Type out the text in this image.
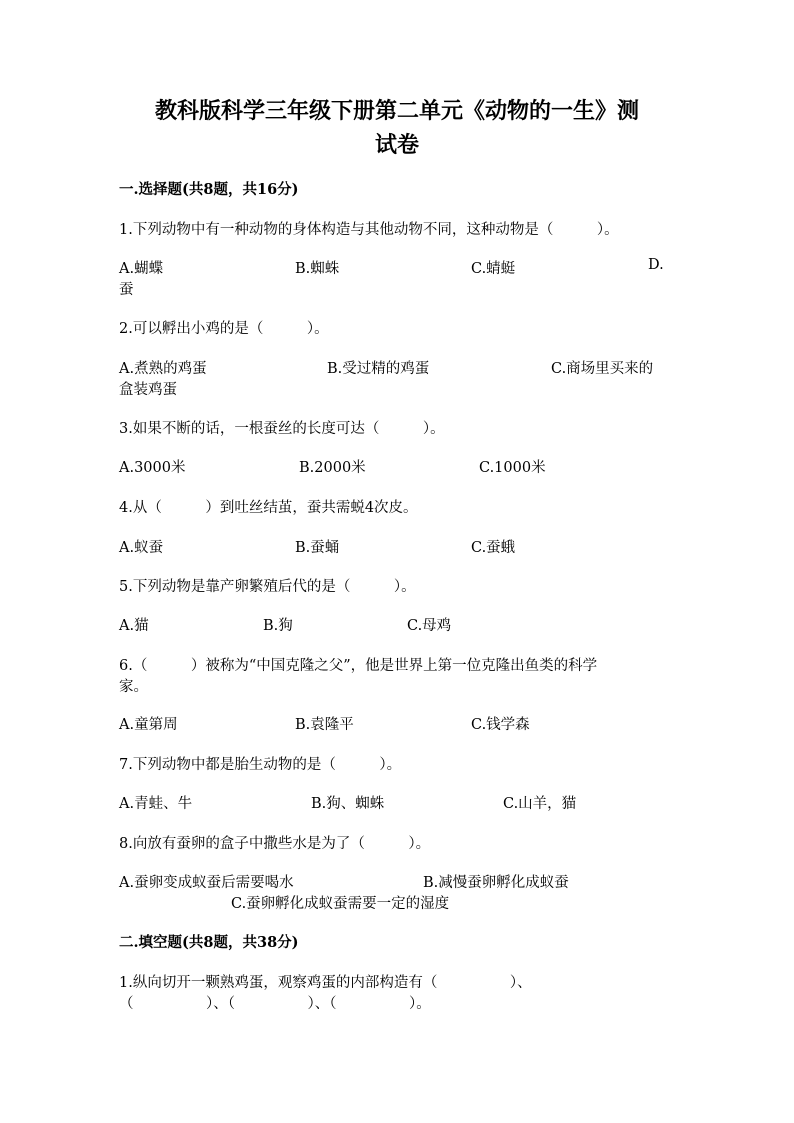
教科版科学三年级下册第二单元《动物的一生》测
试卷
一.选择题(共8题，共16分)
1.下列动物中有一种动物的身体构造与其他动物不同，这种动物是（　　　）。
A.蝴蝶	B.蜘蛛	C.蜻蜓	D.
蚕
2.可以孵出小鸡的是（　　　）。
A.煮熟的鸡蛋	B.受过精的鸡蛋	C.商场里买来的
盒装鸡蛋
3.如果不断的话，一根蚕丝的长度可达（　　　）。
A.3000米	B.2000米	C.1000米
4.从（　　　）到吐丝结茧，蚕共需蜕4次皮。
A.蚁蚕	B.蚕蛹	C.蚕蛾
5.下列动物是靠产卵繁殖后代的是（　　　）。
A.猫	B.狗	C.母鸡
6.（　　　）被称为“中国克隆之父”，他是世界上第一位克隆出鱼类的科学
家。
A.童第周	B.袁隆平	C.钱学森
7.下列动物中都是胎生动物的是（　　　）。
A.青蛙、牛	B.狗、蜘蛛	C.山羊，猫
8.向放有蚕卵的盒子中撒些水是为了（　　　）。
A.蚕卵变成蚁蚕后需要喝水	B.减慢蚕卵孵化成蚁蚕
C.蚕卵孵化成蚁蚕需要一定的湿度
二.填空题(共8题，共38分)
1.纵向切开一颗熟鸡蛋，观察鸡蛋的内部构造有（　　　　　）、
（　　　　　）、（　　　　　）、（　　　　　）。
